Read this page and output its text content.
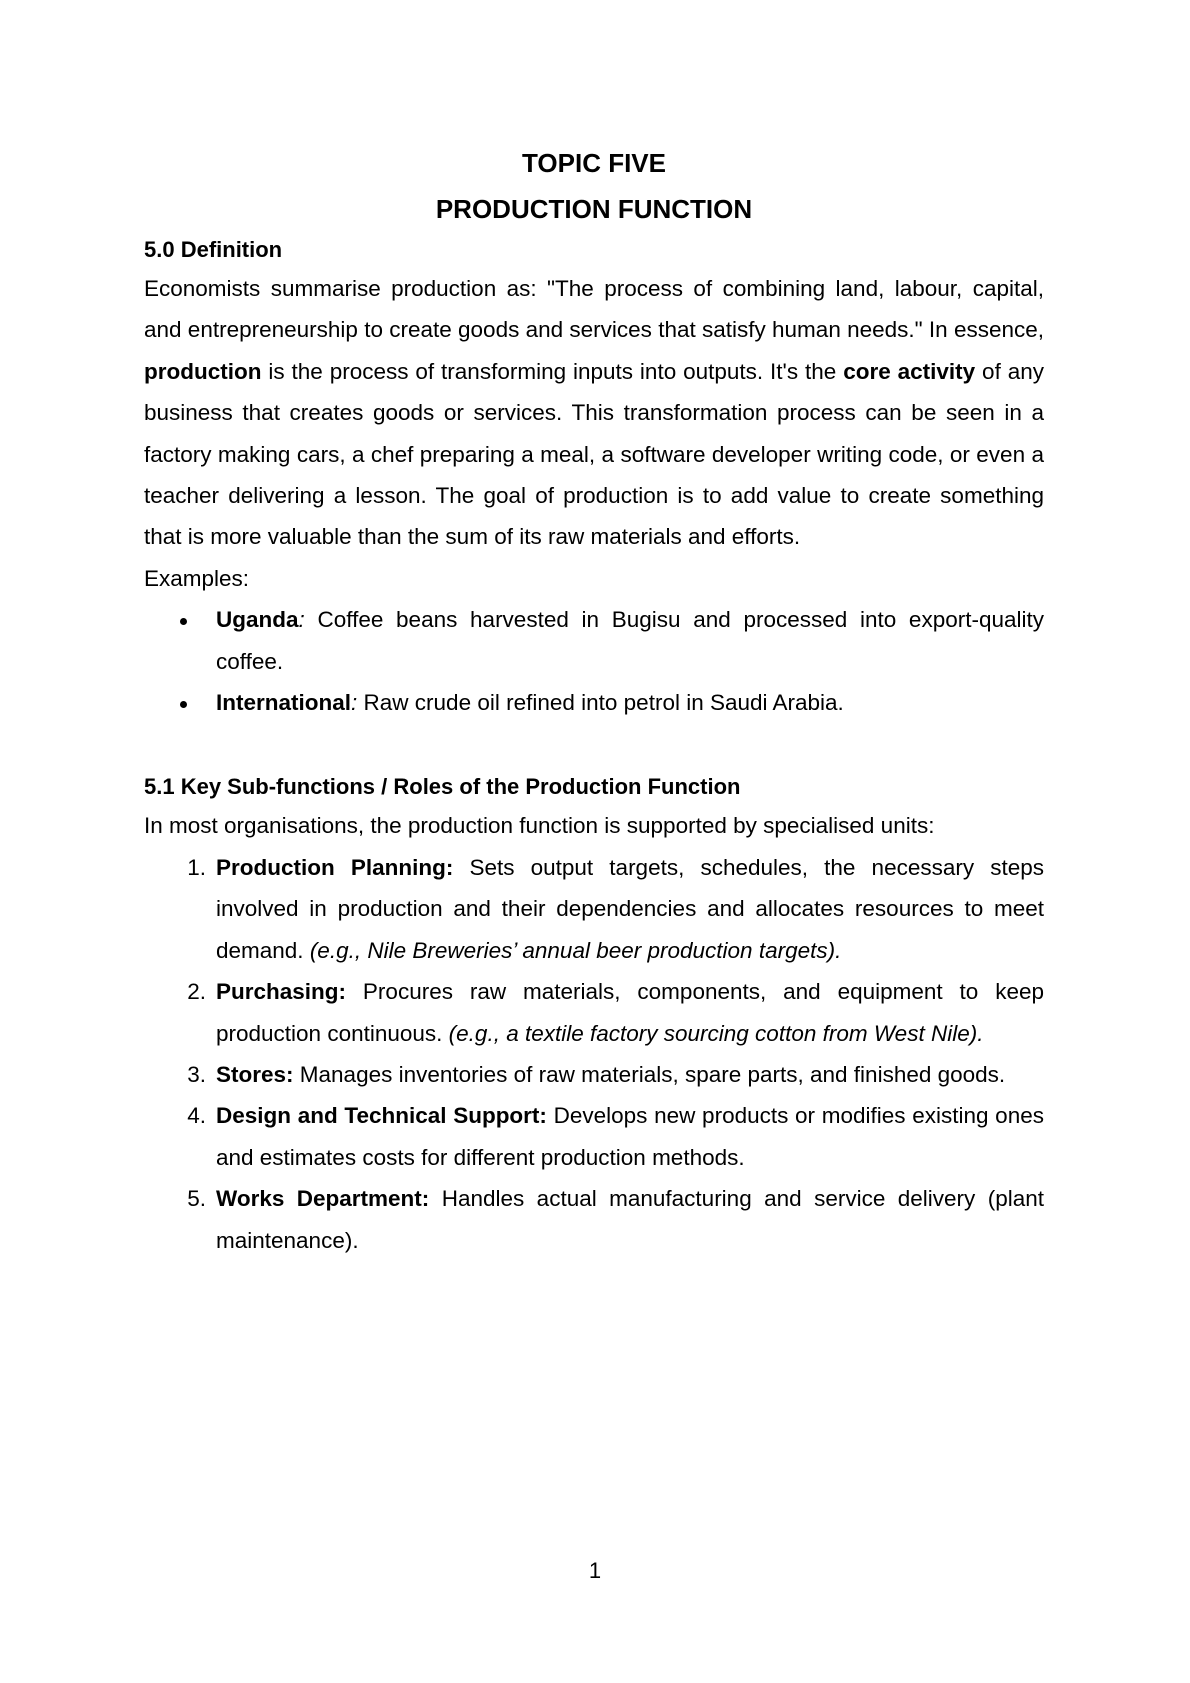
TOPIC FIVE

PRODUCTION FUNCTION

5.0 Definition

Economists summarise production as: "The process of combining land, labour, capital, and entrepreneurship to create goods and services that satisfy human needs." In essence, production is the process of transforming inputs into outputs. It's the core activity of any business that creates goods or services. This transformation process can be seen in a factory making cars, a chef preparing a meal, a software developer writing code, or even a teacher delivering a lesson. The goal of production is to add value to create something that is more valuable than the sum of its raw materials and efforts.

Examples:

Uganda: Coffee beans harvested in Bugisu and processed into export-quality coffee.
International: Raw crude oil refined into petrol in Saudi Arabia.

5.1 Key Sub-functions / Roles of the Production Function

In most organisations, the production function is supported by specialised units:

1. Production Planning: Sets output targets, schedules, the necessary steps involved in production and their dependencies and allocates resources to meet demand. (e.g., Nile Breweries’ annual beer production targets).
2. Purchasing: Procures raw materials, components, and equipment to keep production continuous. (e.g., a textile factory sourcing cotton from West Nile).
3. Stores: Manages inventories of raw materials, spare parts, and finished goods.
4. Design and Technical Support: Develops new products or modifies existing ones and estimates costs for different production methods.
5. Works Department: Handles actual manufacturing and service delivery (plant maintenance).
1
